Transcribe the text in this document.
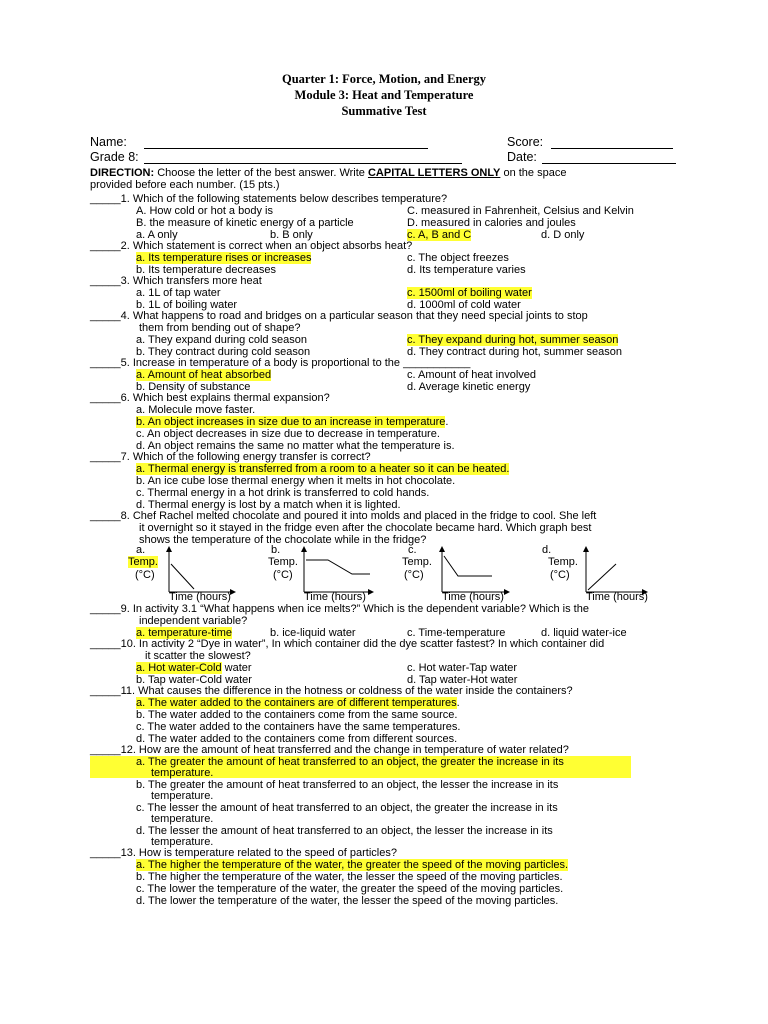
Quarter 1: Force, Motion, and Energy
Module 3: Heat and Temperature
Summative Test
Name:	Score:
Grade 8:	Date:
DIRECTION: Choose the letter of the best answer. Write CAPITAL LETTERS ONLY on the space
provided before each number. (15 pts.)
_____1. Which of the following statements below describes temperature?
A. How cold or hot a body is	C. measured in Fahrenheit, Celsius and Kelvin
B. the measure of kinetic energy of a particle	D. measured in calories and joules
a. A only	b. B only	c. A, B and C	d. D only
_____2. Which statement is correct when an object absorbs heat?
a. Its temperature rises or increases	c. The object freezes
b. Its temperature decreases	d. Its temperature varies
_____3. Which transfers more heat
a. 1L of tap water	c. 1500ml of boiling water
b. 1L of boiling water	d. 1000ml of cold water
_____4. What happens to road and bridges on a particular season that they need special joints to stop
them from bending out of shape?
a. They expand during cold season	c. They expand during hot, summer season
b. They contract during cold season	d. They contract during hot, summer season
_____5. Increase in temperature of a body is proportional to the ___________
a. Amount of heat absorbed	c. Amount of heat involved
b. Density of substance	d. Average kinetic energy
_____6. Which best explains thermal expansion?
a. Molecule move faster.
b. An object increases in size due to an increase in temperature.
c. An object decreases in size due to decrease in temperature.
d. An object remains the same no matter what the temperature is.
_____7. Which of the following energy transfer is correct?
a. Thermal energy is transferred from a room to a heater so it can be heated.
b. An ice cube lose thermal energy when it melts in hot chocolate.
c. Thermal energy in a hot drink is transferred to cold hands.
d. Thermal energy is lost by a match when it is lighted.
_____8. Chef Rachel melted chocolate and poured it into molds and placed in the fridge to cool. She left
it overnight so it stayed in the fridge even after the chocolate became hard. Which graph best
shows the temperature of the chocolate while in the fridge?
a.
Temp.
(°C)
Time (hours)
b.
Temp.
(°C)
Time (hours)
c.
Temp.
(°C)
Time (hours)
d.
Temp.
(°C)
Time (hours)
_____9. In activity 3.1 “What happens when ice melts?” Which is the dependent variable? Which is the
independent variable?
a. temperature-time	b. ice-liquid water	c. Time-temperature	d. liquid water-ice
_____10. In activity 2 “Dye in water”, In which container did the dye scatter fastest? In which container did
it scatter the slowest?
a. Hot water-Cold water	c. Hot water-Tap water
b. Tap water-Cold water	d. Tap water-Hot water
_____11. What causes the difference in the hotness or coldness of the water inside the containers?
a. The water added to the containers are of different temperatures.
b. The water added to the containers come from the same source.
c. The water added to the containers have the same temperatures.
d. The water added to the containers come from different sources.
_____12. How are the amount of heat transferred and the change in temperature of water related?
a. The greater the amount of heat transferred to an object, the greater the increase in its
temperature.
b. The greater the amount of heat transferred to an object, the lesser the increase in its
temperature.
c. The lesser the amount of heat transferred to an object, the greater the increase in its
temperature.
d. The lesser the amount of heat transferred to an object, the lesser the increase in its
temperature.
_____13. How is temperature related to the speed of particles?
a. The higher the temperature of the water, the greater the speed of the moving particles.
b. The higher the temperature of the water, the lesser the speed of the moving particles.
c. The lower the temperature of the water, the greater the speed of the moving particles.
d. The lower the temperature of the water, the lesser the speed of the moving particles.
